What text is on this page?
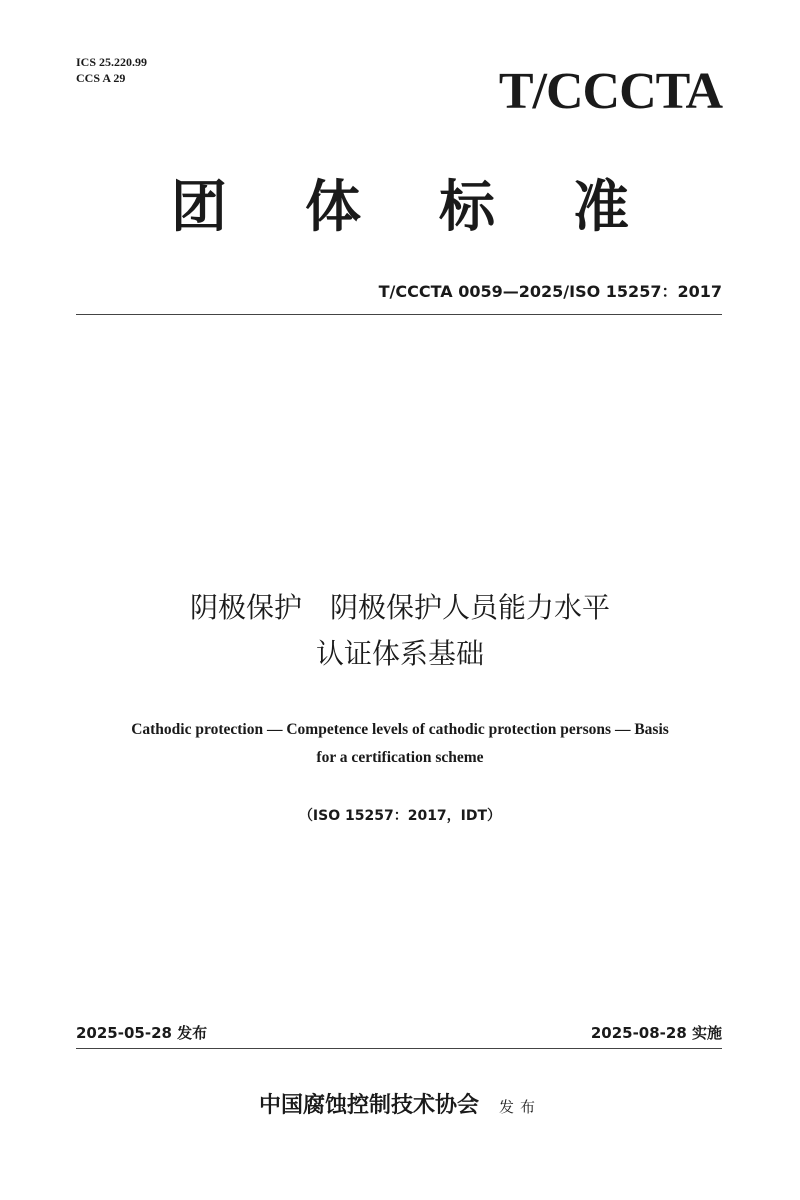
ICS 25.220.99
CCS A 29	T/CCCTA
团体标准
T/CCCTA 0059—2025/ISO 15257：2017
阴极保护　阴极保护人员能力水平
认证体系基础
Cathodic protection — Competence levels of cathodic protection persons — Basis
for a certification scheme
（ISO 15257：2017，IDT）
2025-05-28 发布	2025-08-28 实施
中国腐蚀控制技术协会 发布
